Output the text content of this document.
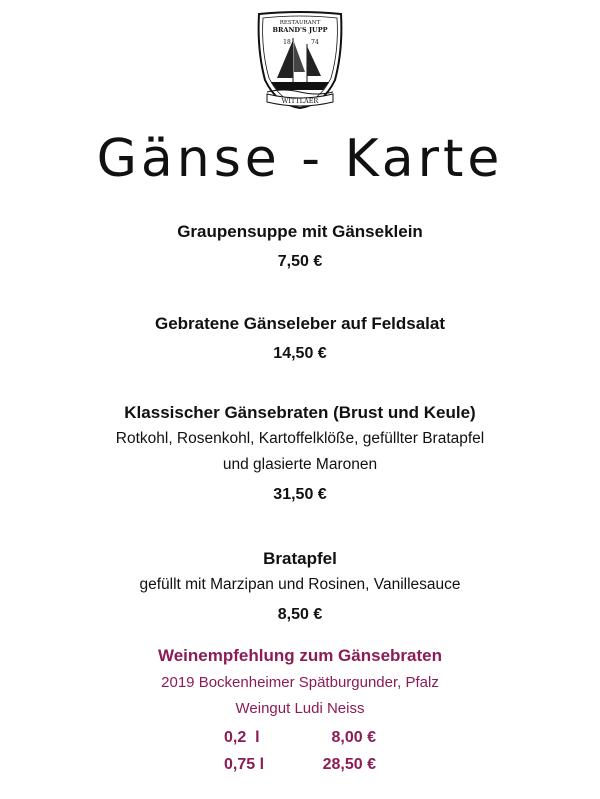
RESTAURANT
BRAND'S JUPP
18	74
WITTLAER
Gänse - Karte
Graupensuppe mit Gänseklein
7,50 €
Gebratene Gänseleber auf Feldsalat
14,50 €
Klassischer Gänsebraten (Brust und Keule)
Rotkohl, Rosenkohl, Kartoffelklöße, gefüllter Bratapfel
und glasierte Maronen
31,50 €
Bratapfel
gefüllt mit Marzipan und Rosinen, Vanillesauce
8,50 €
Weinempfehlung zum Gänsebraten
2019 Bockenheimer Spätburgunder, Pfalz
Weingut Ludi Neiss
0,2  l	8,00 €
0,75 l	28,50 €
